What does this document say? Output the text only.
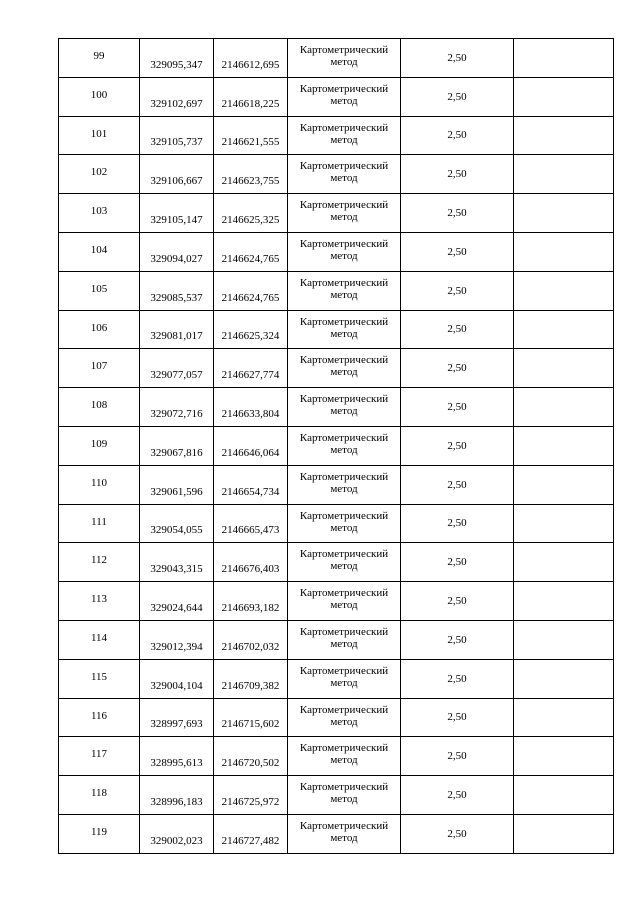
99	329095,347	2146612,695	Картометрический метод	2,50	
100	329102,697	2146618,225	Картометрический метод	2,50	
101	329105,737	2146621,555	Картометрический метод	2,50	
102	329106,667	2146623,755	Картометрический метод	2,50	
103	329105,147	2146625,325	Картометрический метод	2,50	
104	329094,027	2146624,765	Картометрический метод	2,50	
105	329085,537	2146624,765	Картометрический метод	2,50	
106	329081,017	2146625,324	Картометрический метод	2,50	
107	329077,057	2146627,774	Картометрический метод	2,50	
108	329072,716	2146633,804	Картометрический метод	2,50	
109	329067,816	2146646,064	Картометрический метод	2,50	
110	329061,596	2146654,734	Картометрический метод	2,50	
111	329054,055	2146665,473	Картометрический метод	2,50	
112	329043,315	2146676,403	Картометрический метод	2,50	
113	329024,644	2146693,182	Картометрический метод	2,50	
114	329012,394	2146702,032	Картометрический метод	2,50	
115	329004,104	2146709,382	Картометрический метод	2,50	
116	328997,693	2146715,602	Картометрический метод	2,50	
117	328995,613	2146720,502	Картометрический метод	2,50	
118	328996,183	2146725,972	Картометрический метод	2,50	
119	329002,023	2146727,482	Картометрический метод	2,50	
